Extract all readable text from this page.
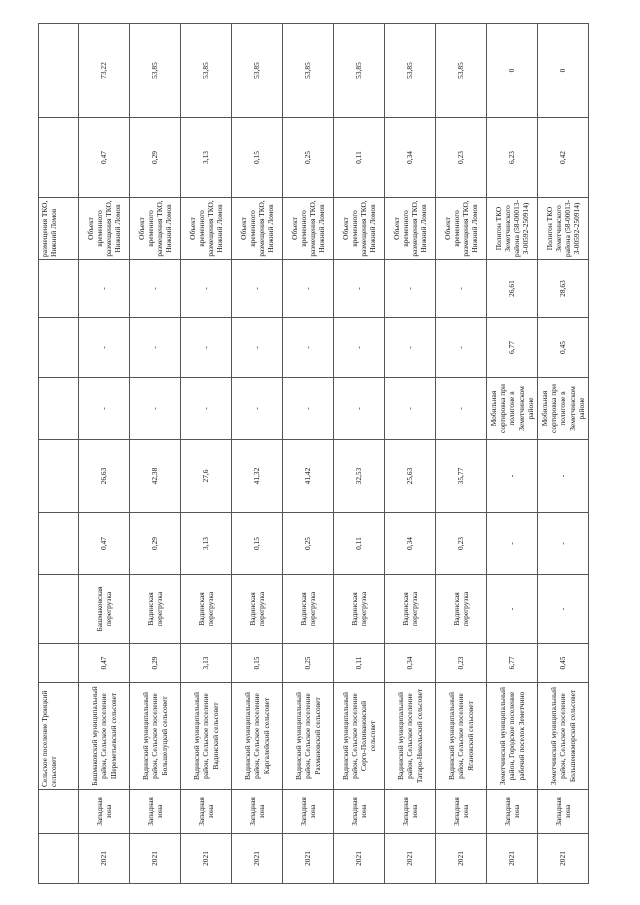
		Сельское поселение Троицкий сельсовет								размещения ТКО, Нижний Ломов		
2021	Западная зона	Башмаковский муниципальный район, Сельское поселение Шереметьевский сельсовет	0,47	Башмаковская перегрузка	0,47	26,63	-	-	-	Объект временного размещения ТКО, Нижний Ломов	0,47	73,22
2021	Западная зона	Вадинский муниципальный район, Сельское поселение Большелуцкий сельсовет	0,29	Вадинская перегрузка	0,29	42,38	-	-	-	Объект временного размещения ТКО, Нижний Ломов	0,29	53,85
2021	Западная зона	Вадинский муниципальный район, Сельское поселение Вадинский сельсовет	3,13	Вадинская перегрузка	3,13	27,6	-	-	-	Объект временного размещения ТКО, Нижний Ломов	3,13	53,85
2021	Западная зона	Вадинский муниципальный район, Сельское поселение Каргалейский сельсовет	0,15	Вадинская перегрузка	0,15	41,32	-	-	-	Объект временного размещения ТКО, Нижний Ломов	0,15	53,85
2021	Западная зона	Вадинский муниципальный район, Сельское поселение Рахмановский сельсовет	0,25	Вадинская перегрузка	0,25	41,42	-	-	-	Объект временного размещения ТКО, Нижний Ломов	0,25	53,85
2021	Западная зона	Вадинский муниципальный район, Сельское поселение Серго-Поливановский сельсовет	0,11	Вадинская перегрузка	0,11	32,53	-	-	-	Объект временного размещения ТКО, Нижний Ломов	0,11	53,85
2021	Западная зона	Вадинский муниципальный район, Сельское поселение Татаро-Никольский сельсовет	0,34	Вадинская перегрузка	0,34	25,63	-	-	-	Объект временного размещения ТКО, Нижний Ломов	0,34	53,85
2021	Западная зона	Вадинский муниципальный район, Сельское поселение Ягановский сельсовет	0,23	Вадинская перегрузка	0,23	35,77	-	-	-	Объект временного размещения ТКО, Нижний Ломов	0,23	53,85
2021	Западная зона	Земетчинский муниципальный район, Городское поселение рабочий поселок Земетчино	6,77	-	-	-	Мобильная сортировка при полигоне в Земетчинском районе	6,77	26,61	Полигон ТКО Земетчинского района (58-00013-З-00592-250914)	6,23	0
2021	Западная зона	Земетчинский муниципальный район, Сельское поселение Большеижморский сельсовет	0,45	-	-	-	Мобильная сортировка при полигоне в Земетчинском районе	0,45	28,63	Полигон ТКО Земетчинского района (58-00013-З-00592-250914)	0,42	0
